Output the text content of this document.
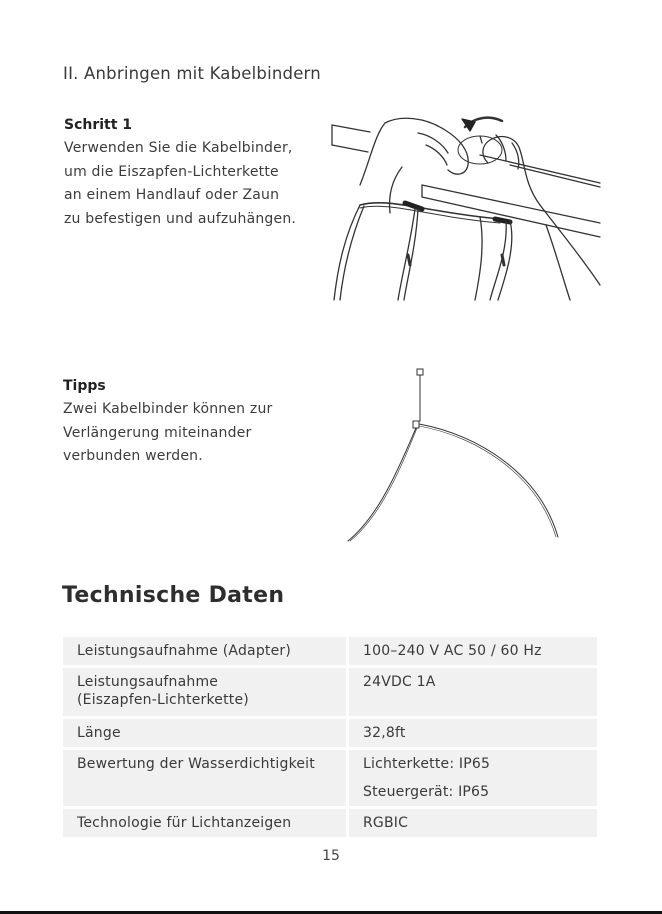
II. Anbringen mit Kabelbindern
Schritt 1
Verwenden Sie die Kabelbinder,
um die Eiszapfen-Lichterkette
an einem Handlauf oder Zaun
zu befestigen und aufzuhängen.
Tipps
Zwei Kabelbinder können zur
Verlängerung miteinander
verbunden werden.
Technische Daten
Leistungsaufnahme (Adapter)	100–240 V AC 50 / 60 Hz

Leistungsaufnahme
(Eiszapfen-Lichterkette)	24VDC 1A

Länge	32,8ft

Bewertung der Wasserdichtigkeit	Lichterkette: IP65
Steuergerät: IP65

Technologie für Lichtanzeigen	RGBIC
15
